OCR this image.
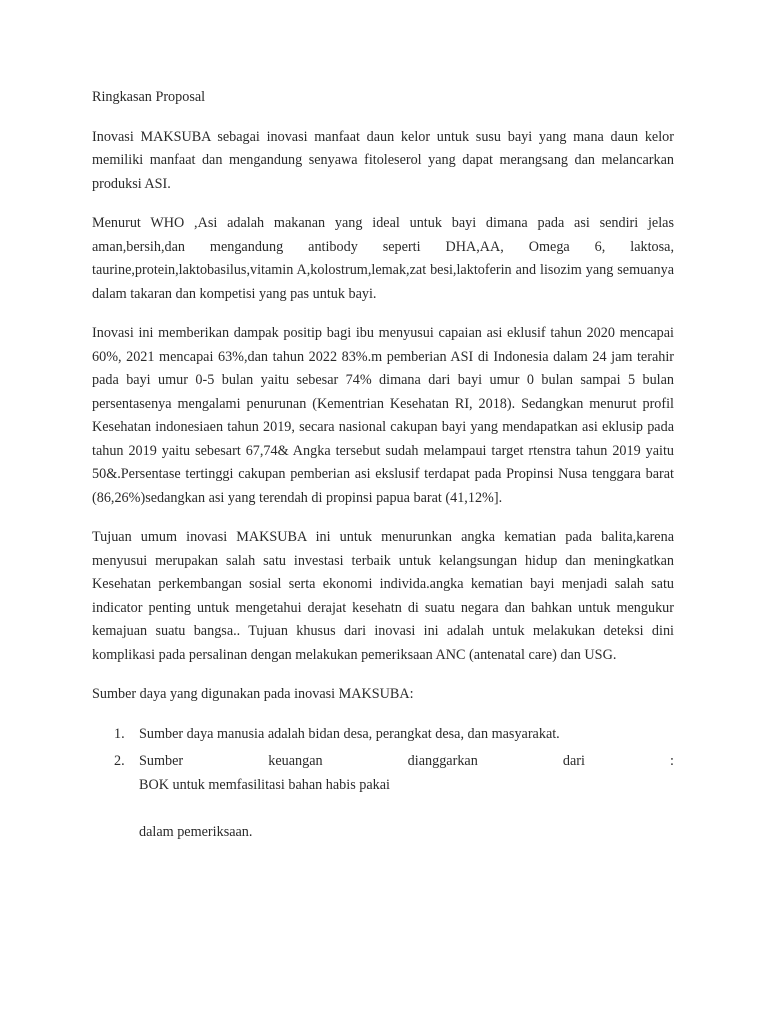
Ringkasan Proposal

Inovasi MAKSUBA sebagai inovasi manfaat daun kelor untuk susu bayi yang mana daun kelor memiliki manfaat dan mengandung senyawa fitoleserol yang dapat merangsang dan melancarkan produksi ASI.

Menurut WHO ,Asi adalah makanan yang ideal untuk bayi dimana pada asi sendiri jelas aman,bersih,dan mengandung antibody seperti DHA,AA, Omega 6, laktosa, taurine,protein,laktobasilus,vitamin A,kolostrum,lemak,zat besi,laktoferin and lisozim yang semuanya dalam takaran dan kompetisi yang pas untuk bayi.

Inovasi ini memberikan dampak positip bagi ibu menyusui capaian asi eklusif tahun 2020 mencapai 60%, 2021 mencapai 63%,dan tahun 2022 83%.m pemberian ASI di Indonesia dalam 24 jam terahir pada bayi umur 0-5 bulan yaitu sebesar 74% dimana dari bayi umur 0 bulan sampai 5 bulan persentasenya mengalami penurunan (Kementrian Kesehatan RI, 2018). Sedangkan menurut profil Kesehatan indonesiaen tahun 2019, secara nasional cakupan bayi yang mendapatkan asi eklusip pada tahun 2019 yaitu sebesart 67,74& Angka tersebut sudah melampaui target rtenstra tahun 2019 yaitu 50&.Persentase tertinggi cakupan pemberian asi ekslusif terdapat pada Propinsi Nusa tenggara barat (86,26%)sedangkan asi yang terendah di propinsi papua barat (41,12%].

Tujuan umum inovasi MAKSUBA ini untuk menurunkan angka kematian pada balita,karena menyusui merupakan salah satu investasi terbaik untuk kelangsungan hidup dan meningkatkan Kesehatan perkembangan sosial serta ekonomi individa.angka kematian bayi menjadi salah satu indicator penting untuk mengetahui derajat kesehatn di suatu negara dan bahkan untuk mengukur kemajuan suatu bangsa.. Tujuan khusus dari inovasi ini adalah untuk melakukan deteksi dini komplikasi pada persalinan dengan melakukan pemeriksaan ANC (antenatal care) dan USG.

Sumber daya yang digunakan pada inovasi MAKSUBA:

1. Sumber daya manusia adalah bidan desa, perangkat desa, dan masyarakat.
2. Sumber keuangan dianggarkan dari :
BOK untuk memfasilitasi bahan habis pakai
dalam pemeriksaan.
